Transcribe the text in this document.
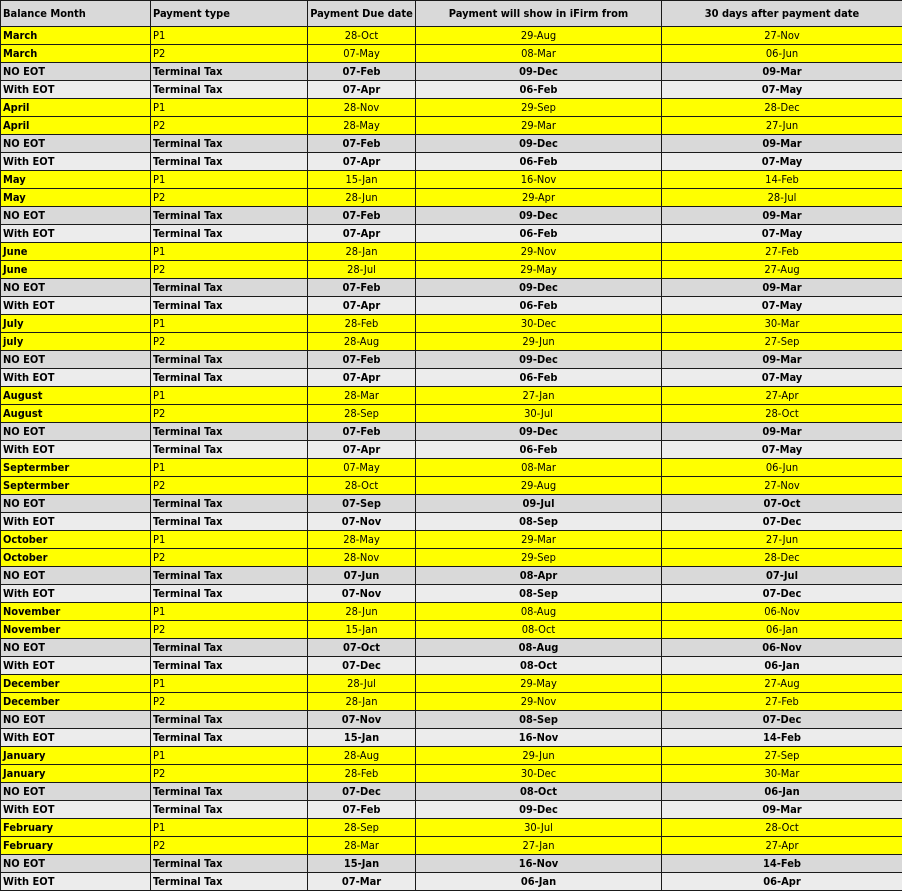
Balance Month	Payment type	Payment Due date	Payment will show in iFirm from	30 days after payment date
March	P1	28-Oct	29-Aug	27-Nov
March	P2	07-May	08-Mar	06-Jun
NO EOT	Terminal Tax	07-Feb	09-Dec	09-Mar
With EOT	Terminal Tax	07-Apr	06-Feb	07-May
April	P1	28-Nov	29-Sep	28-Dec
April	P2	28-May	29-Mar	27-Jun
NO EOT	Terminal Tax	07-Feb	09-Dec	09-Mar
With EOT	Terminal Tax	07-Apr	06-Feb	07-May
May	P1	15-Jan	16-Nov	14-Feb
May	P2	28-Jun	29-Apr	28-Jul
NO EOT	Terminal Tax	07-Feb	09-Dec	09-Mar
With EOT	Terminal Tax	07-Apr	06-Feb	07-May
June	P1	28-Jan	29-Nov	27-Feb
June	P2	28-Jul	29-May	27-Aug
NO EOT	Terminal Tax	07-Feb	09-Dec	09-Mar
With EOT	Terminal Tax	07-Apr	06-Feb	07-May
July	P1	28-Feb	30-Dec	30-Mar
july	P2	28-Aug	29-Jun	27-Sep
NO EOT	Terminal Tax	07-Feb	09-Dec	09-Mar
With EOT	Terminal Tax	07-Apr	06-Feb	07-May
August	P1	28-Mar	27-Jan	27-Apr
August	P2	28-Sep	30-Jul	28-Oct
NO EOT	Terminal Tax	07-Feb	09-Dec	09-Mar
With EOT	Terminal Tax	07-Apr	06-Feb	07-May
Septermber	P1	07-May	08-Mar	06-Jun
Septermber	P2	28-Oct	29-Aug	27-Nov
NO EOT	Terminal Tax	07-Sep	09-Jul	07-Oct
With EOT	Terminal Tax	07-Nov	08-Sep	07-Dec
October	P1	28-May	29-Mar	27-Jun
October	P2	28-Nov	29-Sep	28-Dec
NO EOT	Terminal Tax	07-Jun	08-Apr	07-Jul
With EOT	Terminal Tax	07-Nov	08-Sep	07-Dec
November	P1	28-Jun	08-Aug	06-Nov
November	P2	15-Jan	08-Oct	06-Jan
NO EOT	Terminal Tax	07-Oct	08-Aug	06-Nov
With EOT	Terminal Tax	07-Dec	08-Oct	06-Jan
December	P1	28-Jul	29-May	27-Aug
December	P2	28-Jan	29-Nov	27-Feb
NO EOT	Terminal Tax	07-Nov	08-Sep	07-Dec
With EOT	Terminal Tax	15-Jan	16-Nov	14-Feb
January	P1	28-Aug	29-Jun	27-Sep
January	P2	28-Feb	30-Dec	30-Mar
NO EOT	Terminal Tax	07-Dec	08-Oct	06-Jan
With EOT	Terminal Tax	07-Feb	09-Dec	09-Mar
February	P1	28-Sep	30-Jul	28-Oct
February	P2	28-Mar	27-Jan	27-Apr
NO EOT	Terminal Tax	15-Jan	16-Nov	14-Feb
With EOT	Terminal Tax	07-Mar	06-Jan	06-Apr
